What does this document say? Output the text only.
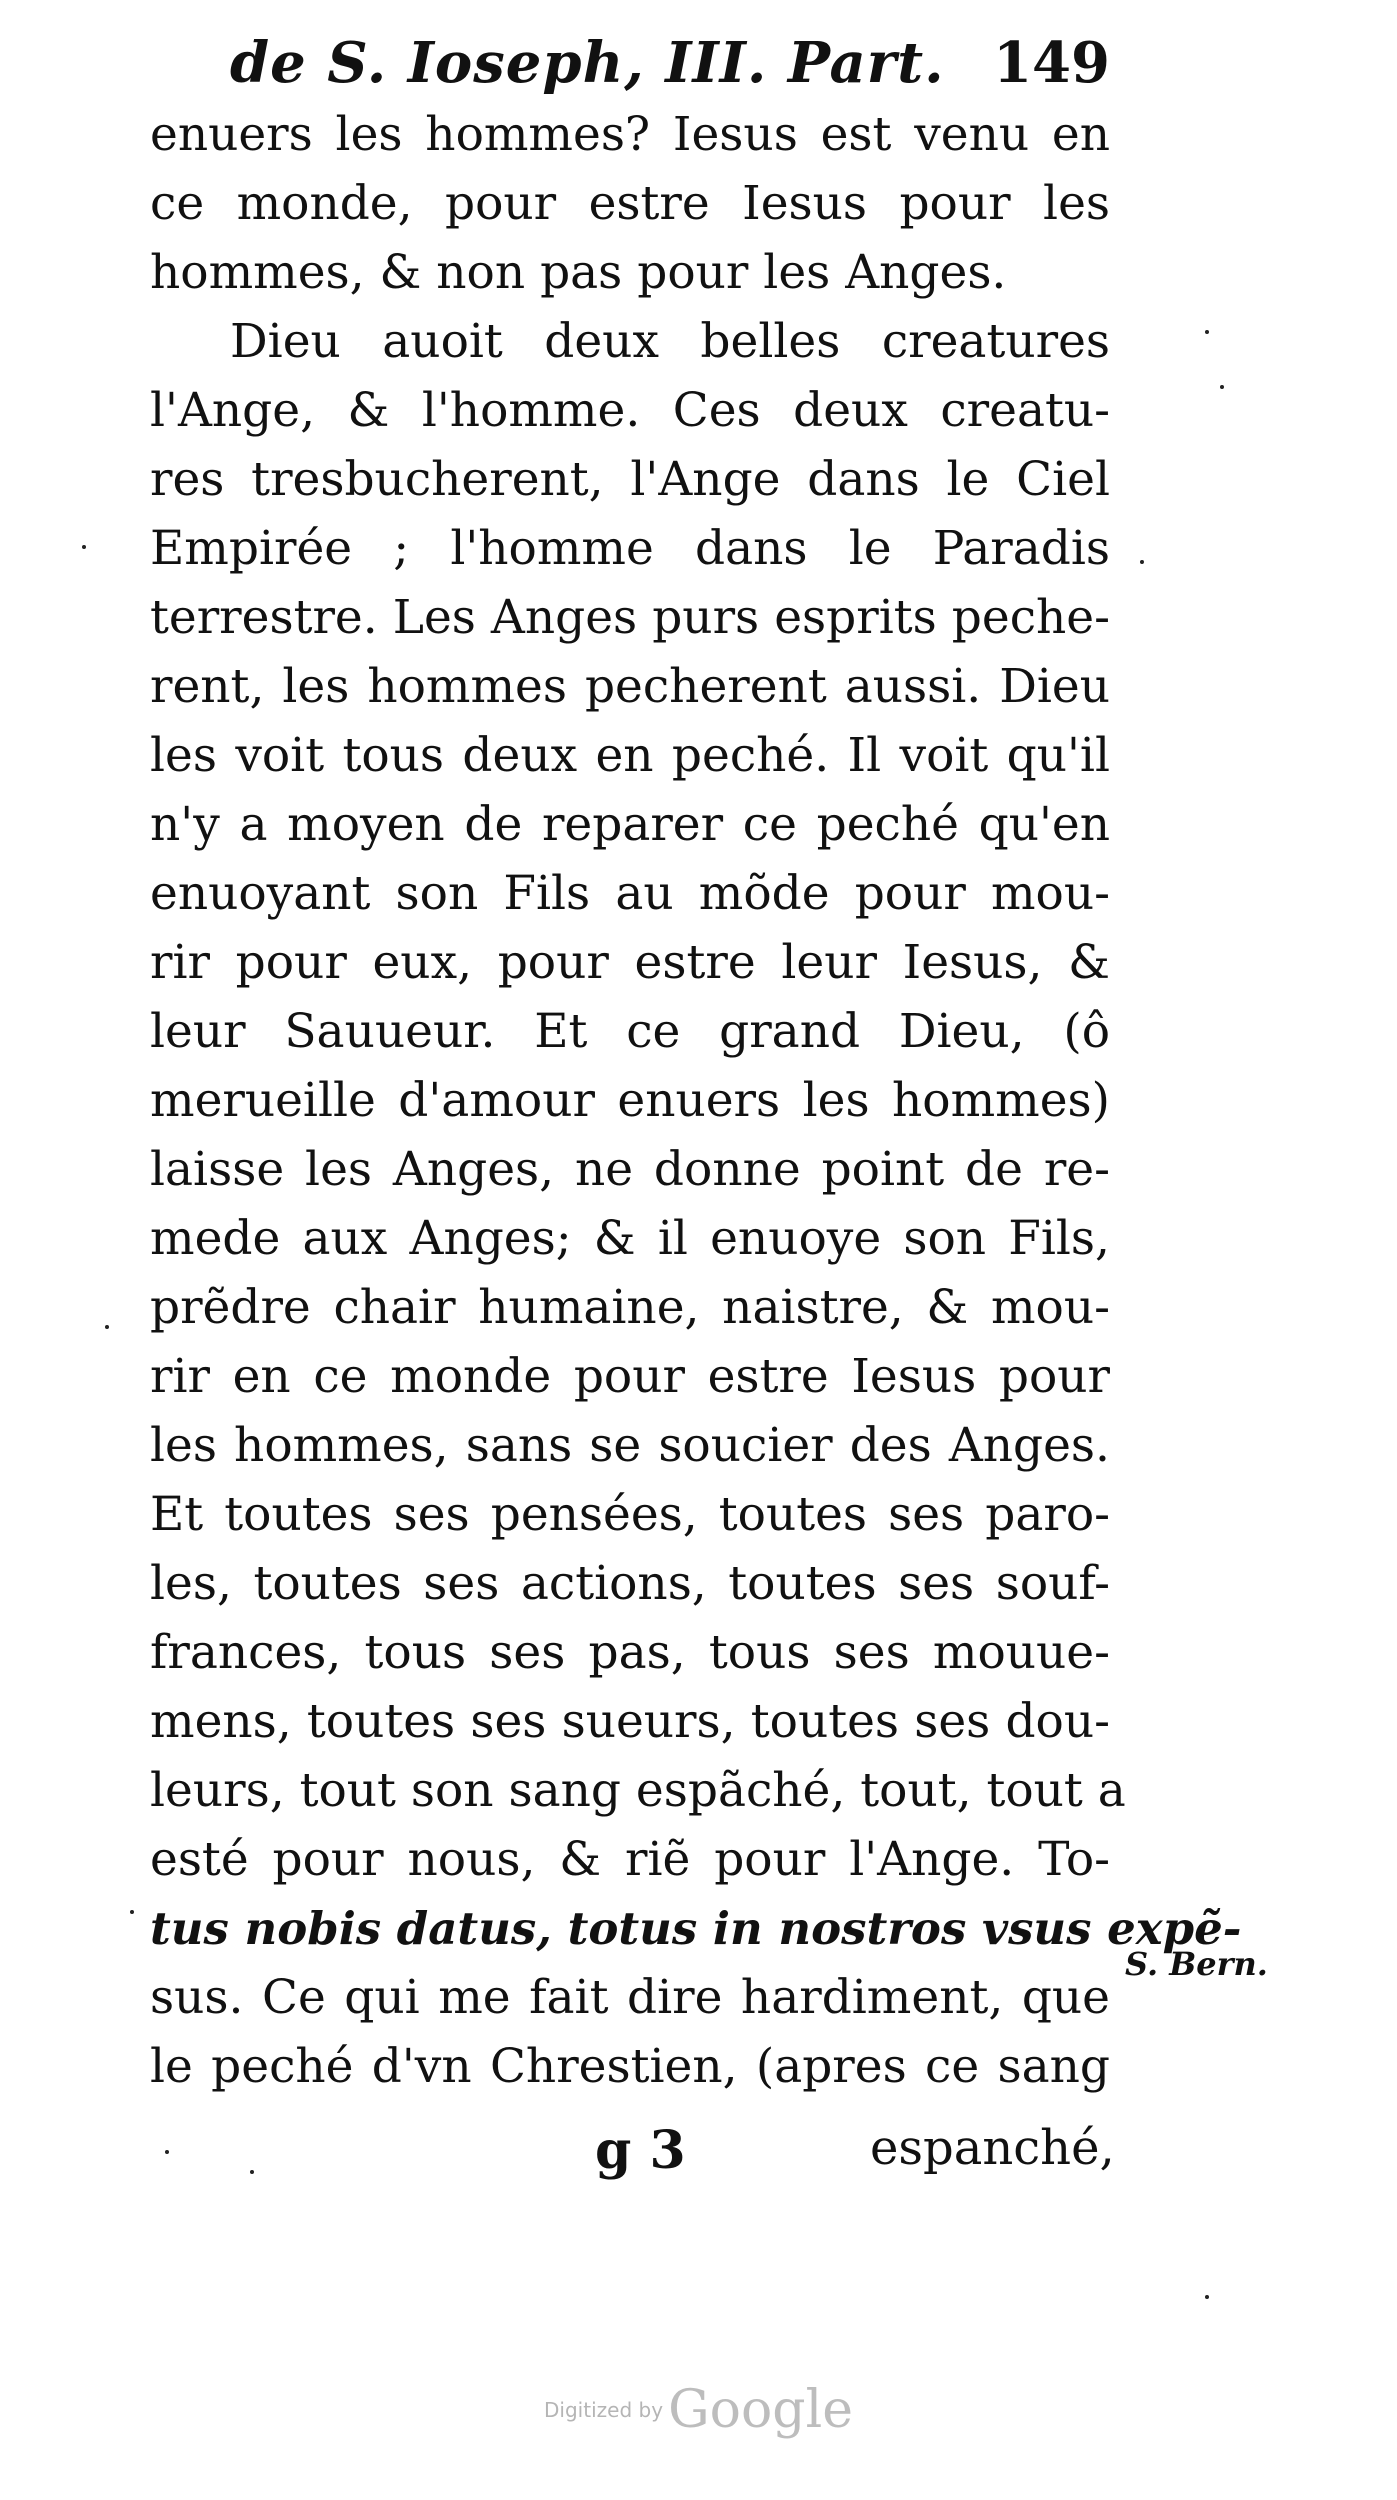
de S. Ioseph, III. Part. 149
enuers les hommes? Iesus est venu en
ce monde, pour estre Iesus pour les
hommes, & non pas pour les Anges.
Dieu auoit deux belles creatures
l'Ange, & l'homme. Ces deux creatu-
res tresbucherent, l'Ange dans le Ciel
Empirée ; l'homme dans le Paradis
terrestre. Les Anges purs esprits peche-
rent, les hommes pecherent aussi. Dieu
les voit tous deux en peché. Il voit qu'il
n'y a moyen de reparer ce peché qu'en
enuoyant son Fils au mõde pour mou-
rir pour eux, pour estre leur Iesus, &
leur Sauueur. Et ce grand Dieu, (ô
merueille d'amour enuers les hommes)
laisse les Anges, ne donne point de re-
mede aux Anges; & il enuoye son Fils,
prẽdre chair humaine, naistre, & mou-
rir en ce monde pour estre Iesus pour
les hommes, sans se soucier des Anges.
Et toutes ses pensées, toutes ses paro-
les, toutes ses actions, toutes ses souf-
frances, tous ses pas, tous ses mouue-
mens, toutes ses sueurs, toutes ses dou-
leurs, tout son sang espãché, tout, tout a
esté pour nous, & riẽ pour l'Ange. To-
tus nobis datus, totus in nostros vsus expẽ-
sus. Ce qui me fait dire hardiment, que
le peché d'vn Chrestien, (apres ce sang
S. Bern.
g 3	espanché,
Digitized by Google
